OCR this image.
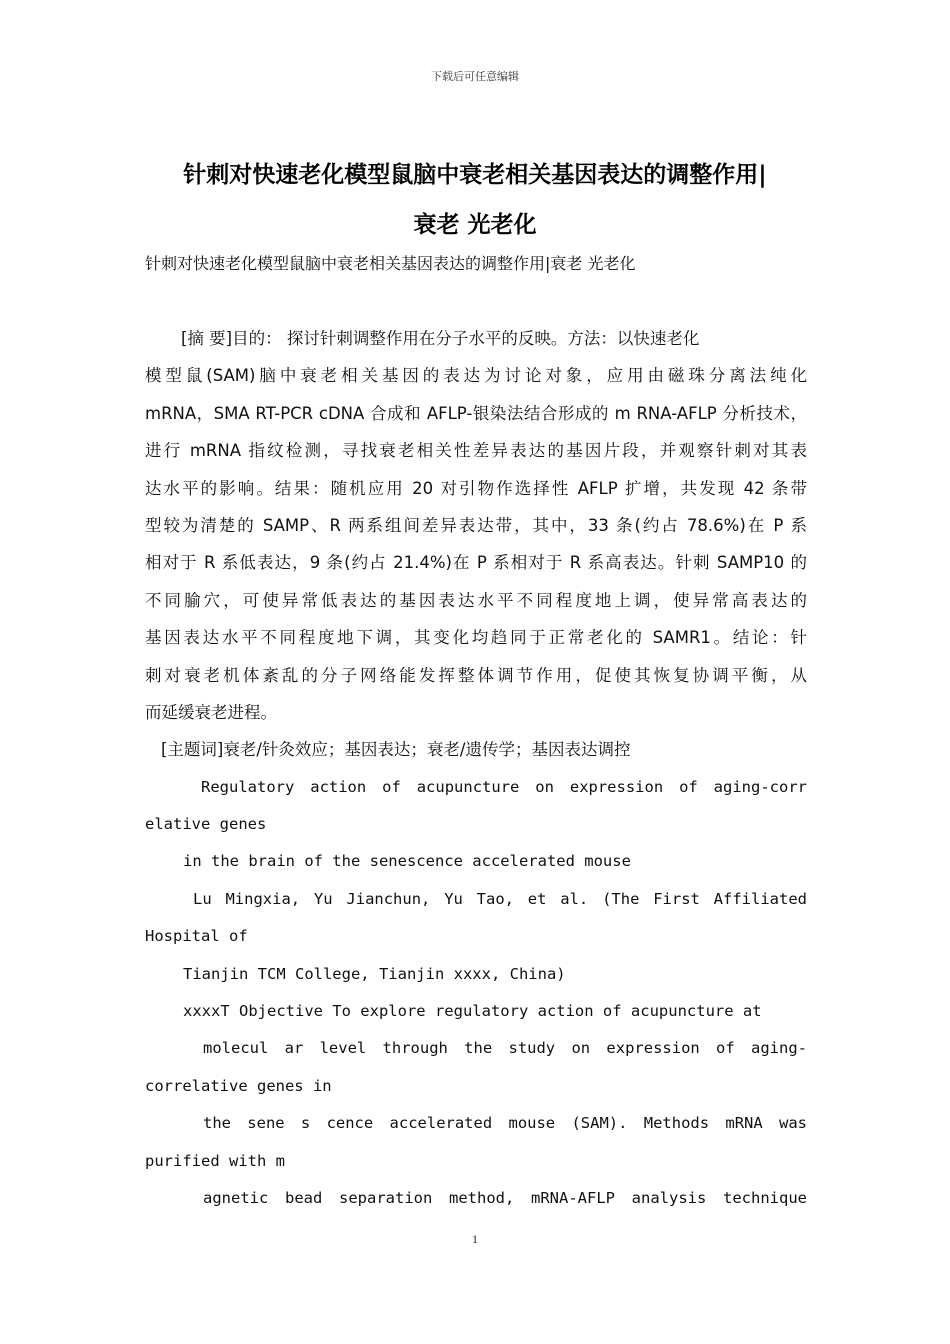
下载后可任意编辑
针刺对快速老化模型鼠脑中衰老相关基因表达的调整作用|
衰老 光老化
针刺对快速老化模型鼠脑中衰老相关基因表达的调整作用|衰老 光老化
[摘 要]目的： 探讨针刺调整作用在分子水平的反映。方法：以快速老化
模型鼠(SAM)脑中衰老相关基因的表达为讨论对象，应用由磁珠分离法纯化
mRNA，SMA RT-PCR cDNA 合成和 AFLP-银染法结合形成的 m RNA-AFLP 分析技术，
进行 mRNA 指纹检测，寻找衰老相关性差异表达的基因片段，并观察针刺对其表
达水平的影响。结果：随机应用 20 对引物作选择性 AFLP 扩增，共发现 42 条带
型较为清楚的 SAMP、R 两系组间差异表达带，其中，33 条(约占 78.6%)在 P 系
相对于 R 系低表达，9 条(约占 21.4%)在 P 系相对于 R 系高表达。针刺 SAMP10 的
不同腧穴，可使异常低表达的基因表达水平不同程度地上调，使异常高表达的
基因表达水平不同程度地下调，其变化均趋同于正常老化的 SAMR1。结论：针
刺对衰老机体紊乱的分子网络能发挥整体调节作用，促使其恢复协调平衡，从
而延缓衰老进程。
[主题词]衰老/针灸效应；基因表达；衰老/遗传学；基因表达调控
Regulatory action of acupuncture on expression of aging-corr
elative genes
in the brain of the senescence accelerated mouse
Lu Mingxia, Yu Jianchun, Yu Tao, et al. (The First Affiliated
Hospital of
Tianjin TCM College, Tianjin xxxx, China)
xxxxT Objective To explore regulatory action of acupuncture at
molecul ar level through the study on expression of aging-
correlative genes in
the sene s cence accelerated mouse (SAM). Methods mRNA was
purified with m
agnetic bead separation method, mRNA-AFLP analysis technique
1
